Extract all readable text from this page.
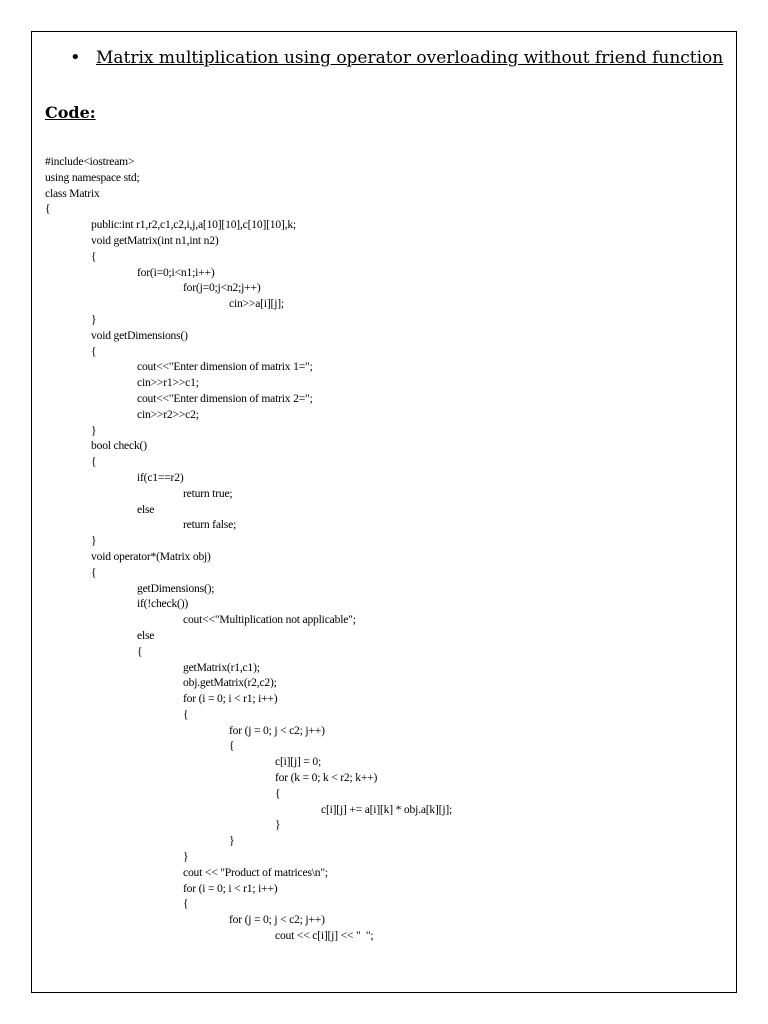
• Matrix multiplication using operator overloading without friend function
Code:
#include<iostream>
using namespace std;
class Matrix
{
public:int r1,r2,c1,c2,i,j,a[10][10],c[10][10],k;
void getMatrix(int n1,int n2)
{
for(i=0;i<n1;i++)
for(j=0;j<n2;j++)
cin>>a[i][j];
}
void getDimensions()
{
cout<<"Enter dimension of matrix 1=";
cin>>r1>>c1;
cout<<"Enter dimension of matrix 2=";
cin>>r2>>c2;
}
bool check()
{
if(c1==r2)
return true;
else
return false;
}
void operator*(Matrix obj)
{
getDimensions();
if(!check())
cout<<"Multiplication not applicable";
else
{
getMatrix(r1,c1);
obj.getMatrix(r2,c2);
for (i = 0; i < r1; i++)
{
for (j = 0; j < c2; j++)
{
c[i][j] = 0;
for (k = 0; k < r2; k++)
{
c[i][j] += a[i][k] * obj.a[k][j];
}
}
}
cout << "Product of matrices\n";
for (i = 0; i < r1; i++)
{
for (j = 0; j < c2; j++)
cout << c[i][j] << "  ";
